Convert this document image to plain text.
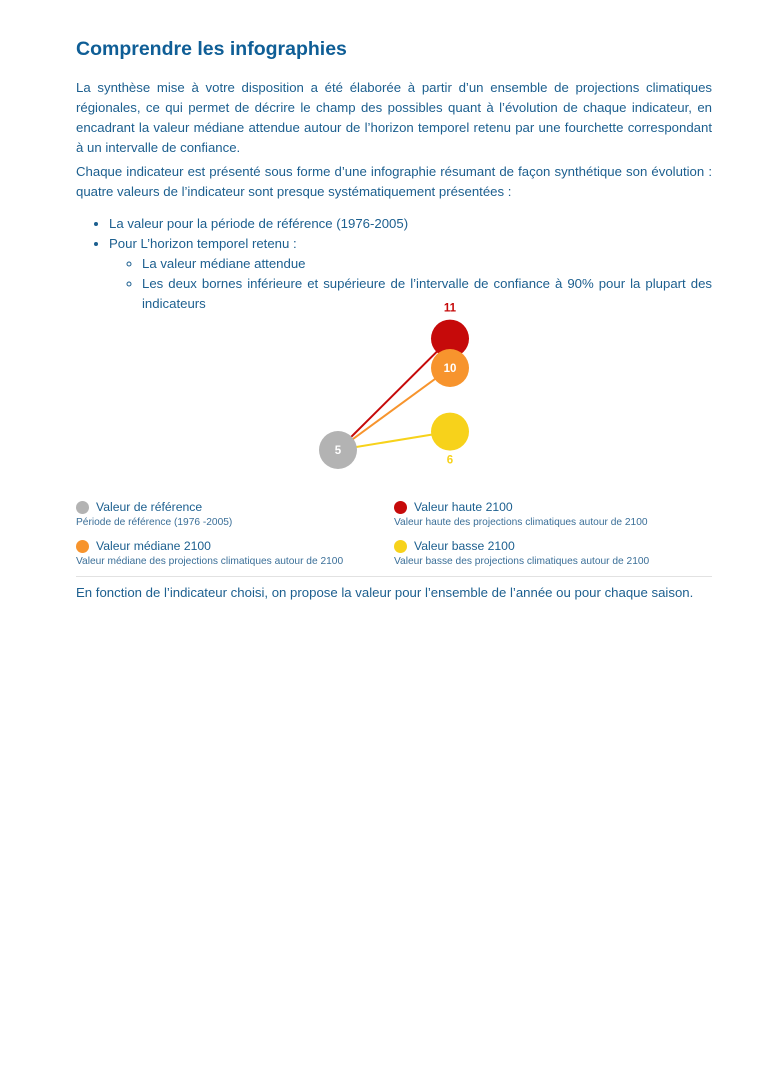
Comprendre les infographies

La synthèse mise à votre disposition a été élaborée à partir d’un ensemble de projections climatiques régionales, ce qui permet de décrire le champ des possibles quant à l’évolution de chaque indicateur, en encadrant la valeur médiane attendue autour de l’horizon temporel retenu par une fourchette correspondant à un intervalle de confiance.

Chaque indicateur est présenté sous forme d’une infographie résumant de façon synthétique son évolution : quatre valeurs de l’indicateur sont presque systématiquement présentées :

• La valeur pour la période de référence (1976-2005)
• Pour L’horizon temporel retenu :
◦ La valeur médiane attendue
◦ Les deux bornes inférieure et supérieure de l’intervalle de confiance à 90% pour la plupart des indicateurs
5
11
10
6
Valeur de référence
Période de référence (1976 -2005)
Valeur haute 2100
Valeur haute des projections climatiques autour de 2100
Valeur médiane 2100
Valeur médiane des projections climatiques autour de 2100
Valeur basse 2100
Valeur basse des projections climatiques autour de 2100

En fonction de l’indicateur choisi, on propose la valeur pour l’ensemble de l’année ou pour chaque saison.
